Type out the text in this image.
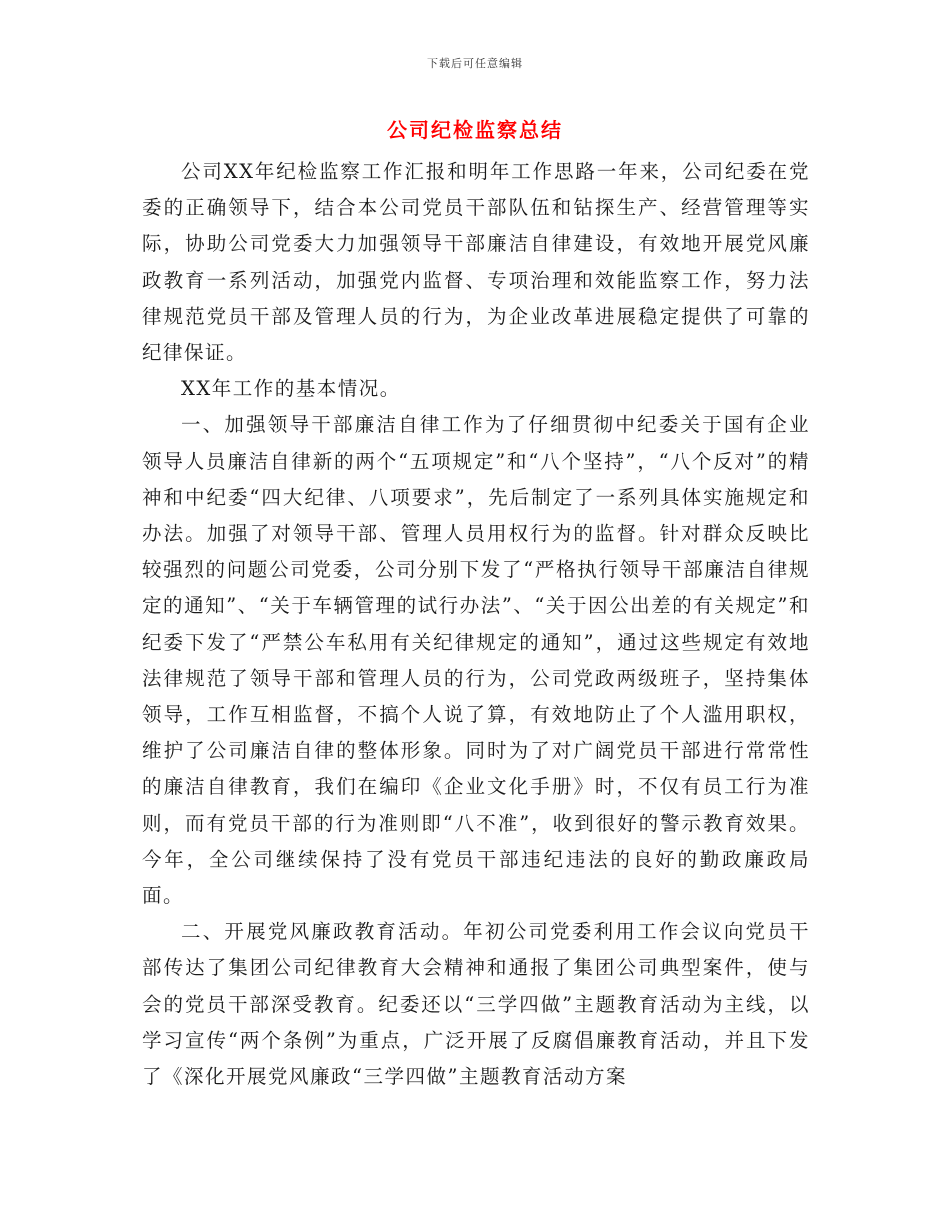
下载后可任意编辑
公司纪检监察总结

公司XX年纪检监察工作汇报和明年工作思路一年来，公司纪委在党委的正确领导下，结合本公司党员干部队伍和钻探生产、经营管理等实际，协助公司党委大力加强领导干部廉洁自律建设，有效地开展党风廉政教育一系列活动，加强党内监督、专项治理和效能监察工作，努力法律规范党员干部及管理人员的行为，为企业改革进展稳定提供了可靠的纪律保证。

XX年工作的基本情况。

一、加强领导干部廉洁自律工作为了仔细贯彻中纪委关于国有企业领导人员廉洁自律新的两个“五项规定”和“八个坚持”，“八个反对”的精神和中纪委“四大纪律、八项要求”，先后制定了一系列具体实施规定和办法。加强了对领导干部、管理人员用权行为的监督。针对群众反映比较强烈的问题公司党委，公司分别下发了“严格执行领导干部廉洁自律规定的通知”、“关于车辆管理的试行办法”、“关于因公出差的有关规定”和纪委下发了“严禁公车私用有关纪律规定的通知”，通过这些规定有效地法律规范了领导干部和管理人员的行为，公司党政两级班子，坚持集体领导，工作互相监督，不搞个人说了算，有效地防止了个人滥用职权，维护了公司廉洁自律的整体形象。同时为了对广阔党员干部进行常常性的廉洁自律教育，我们在编印《企业文化手册》时，不仅有员工行为准则，而有党员干部的行为准则即“八不准”，收到很好的警示教育效果。今年，全公司继续保持了没有党员干部违纪违法的良好的勤政廉政局面。

二、开展党风廉政教育活动。年初公司党委利用工作会议向党员干部传达了集团公司纪律教育大会精神和通报了集团公司典型案件，使与会的党员干部深受教育。纪委还以“三学四做”主题教育活动为主线，以学习宣传“两个条例”为重点，广泛开展了反腐倡廉教育活动，并且下发了《深化开展党风廉政“三学四做”主题教育活动方案
